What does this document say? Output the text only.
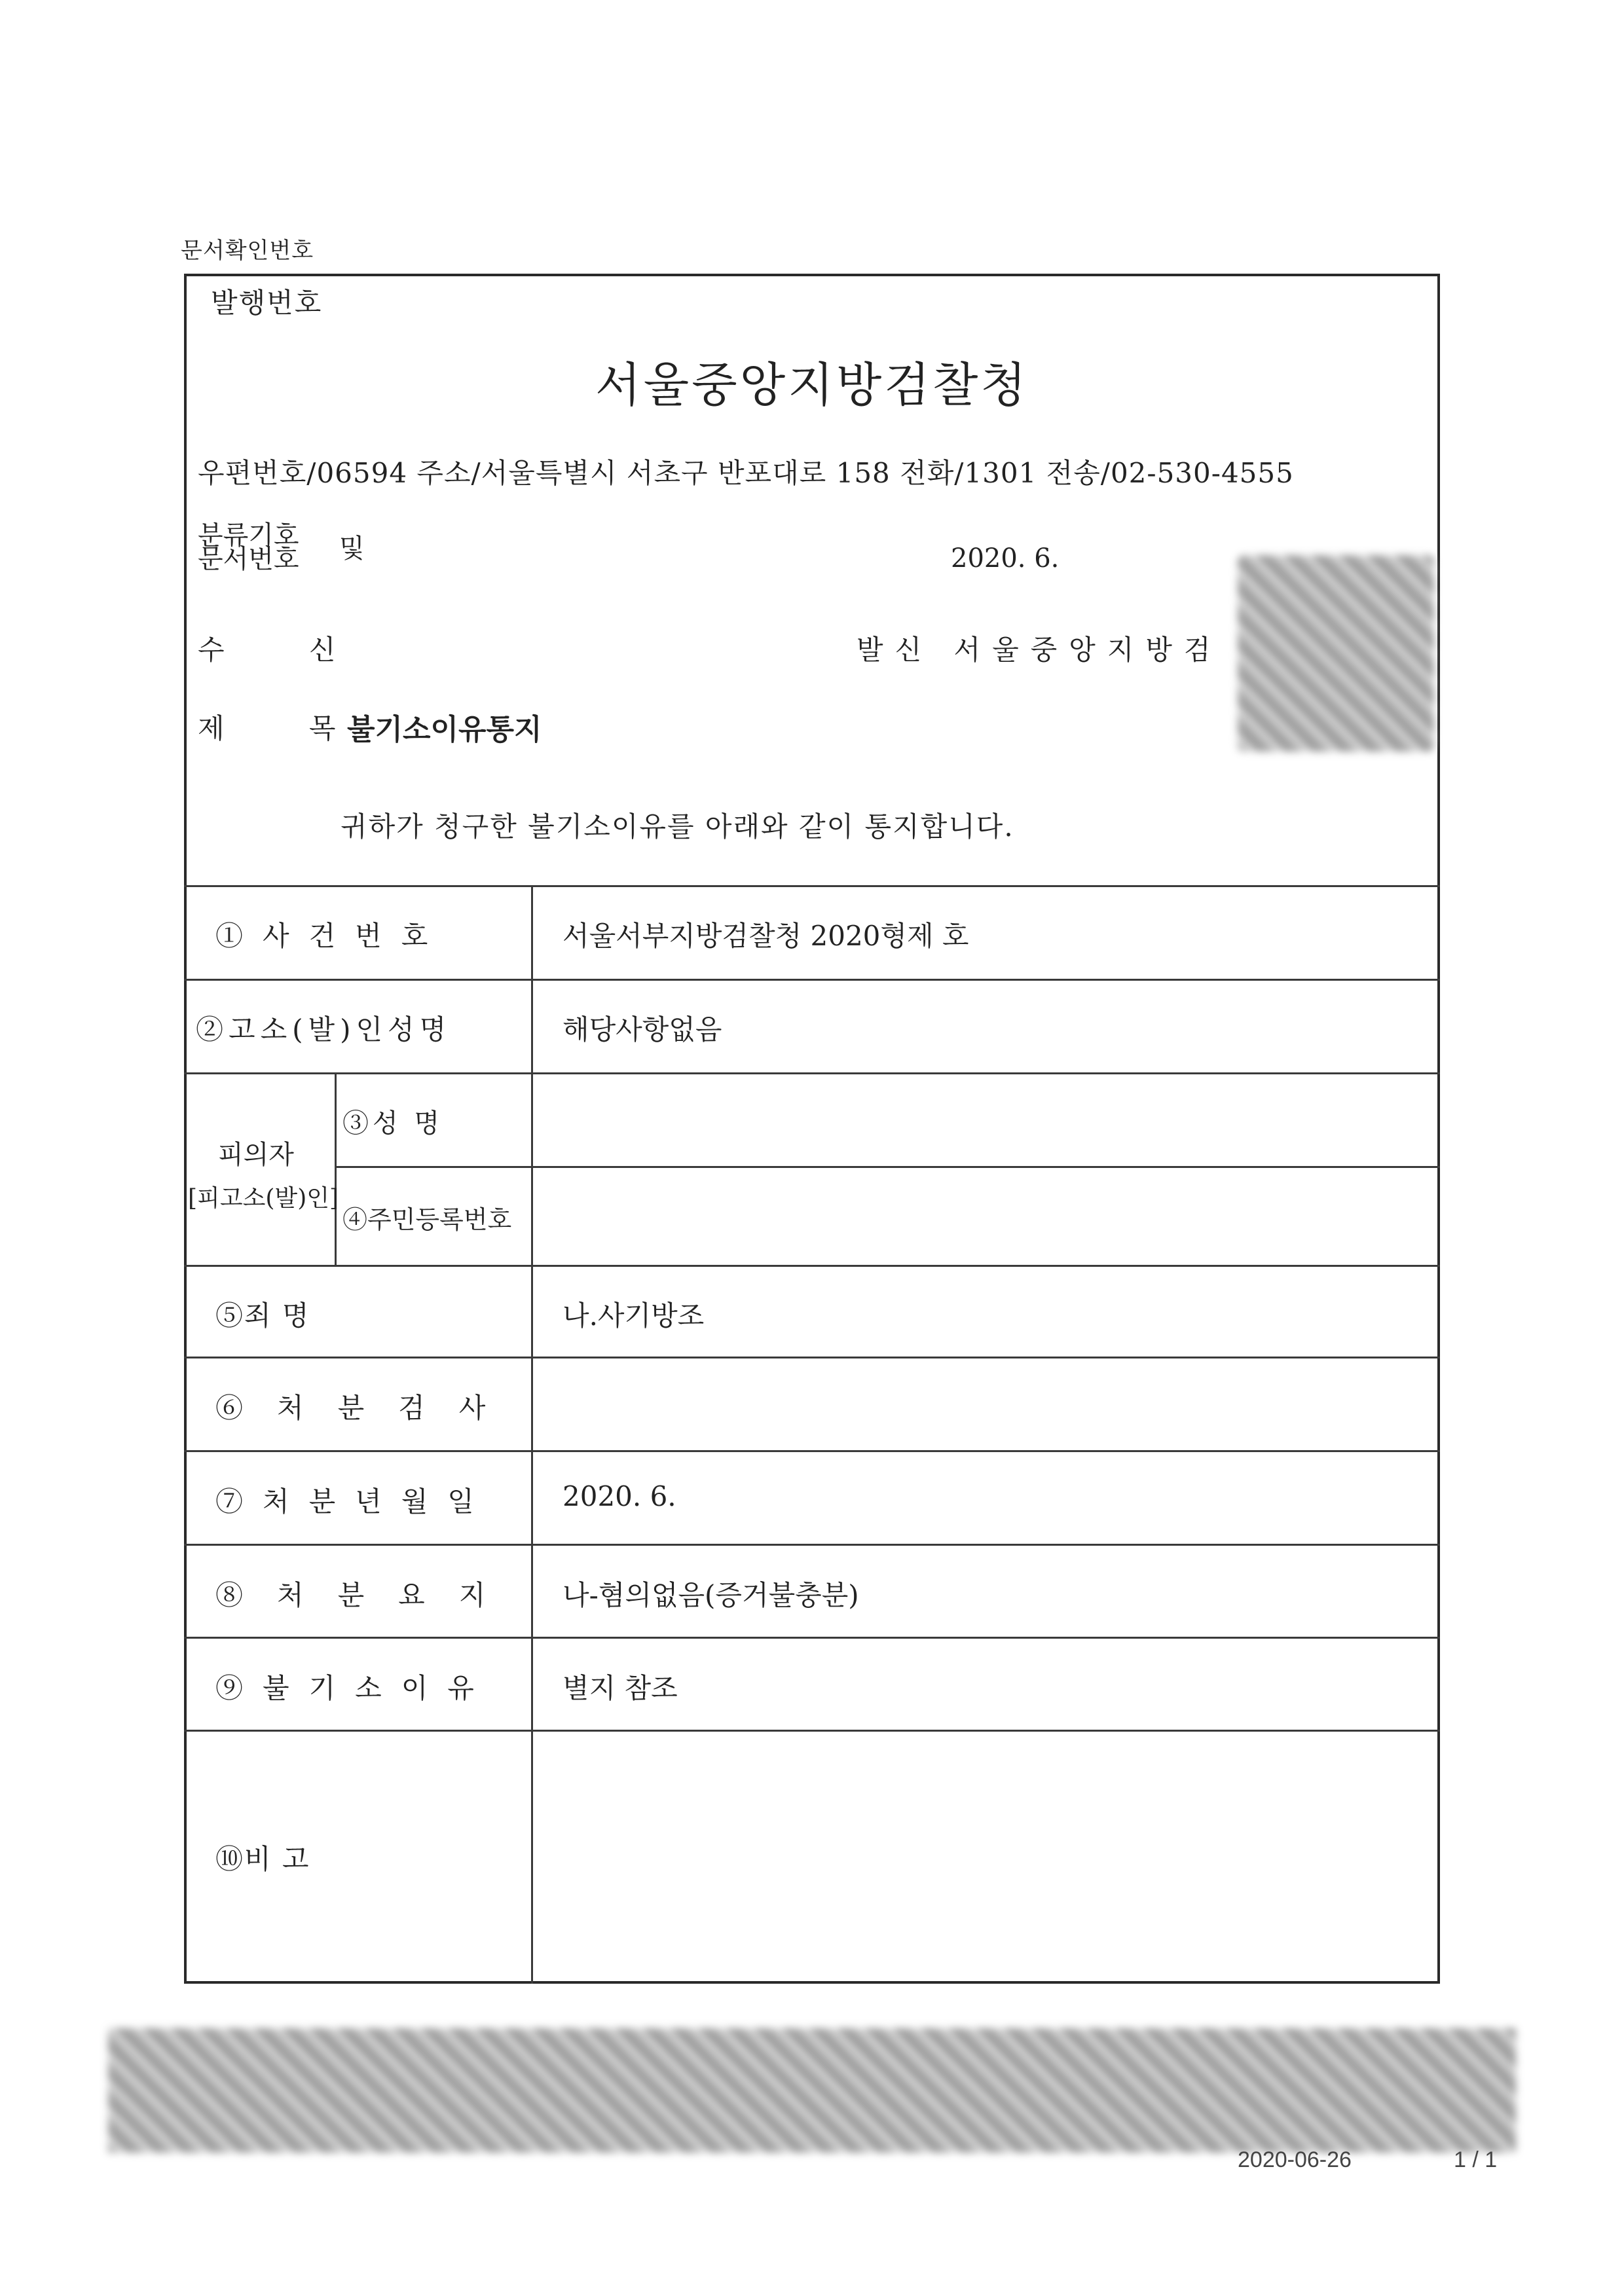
문서확인번호
발행번호
서울중앙지방검찰청
우편번호/06594 주소/서울특별시 서초구 반포대로 158 전화/1301 전송/02-530-4555
분류기호
문서번호	및	2020. 6.
수 신	발신 서울중앙지방검
제 목
불기소이유통지
귀하가 청구한 불기소이유를 아래와 같이 통지합니다.
①사건번호	서울서부지방검찰청 2020형제 호
②고소(발)인성명	해당사항없음
피의자
[피고소(발)인]
③성 명
④주민등록번호
⑤죄 명	나.사기방조
⑥처분검사
⑦처분년월일	2020. 6.
⑧처분요지 나-혐의없음(증거불충분)
⑨불기소이유	별지 참조
⑩비 고
2020-06-26	1 / 1
